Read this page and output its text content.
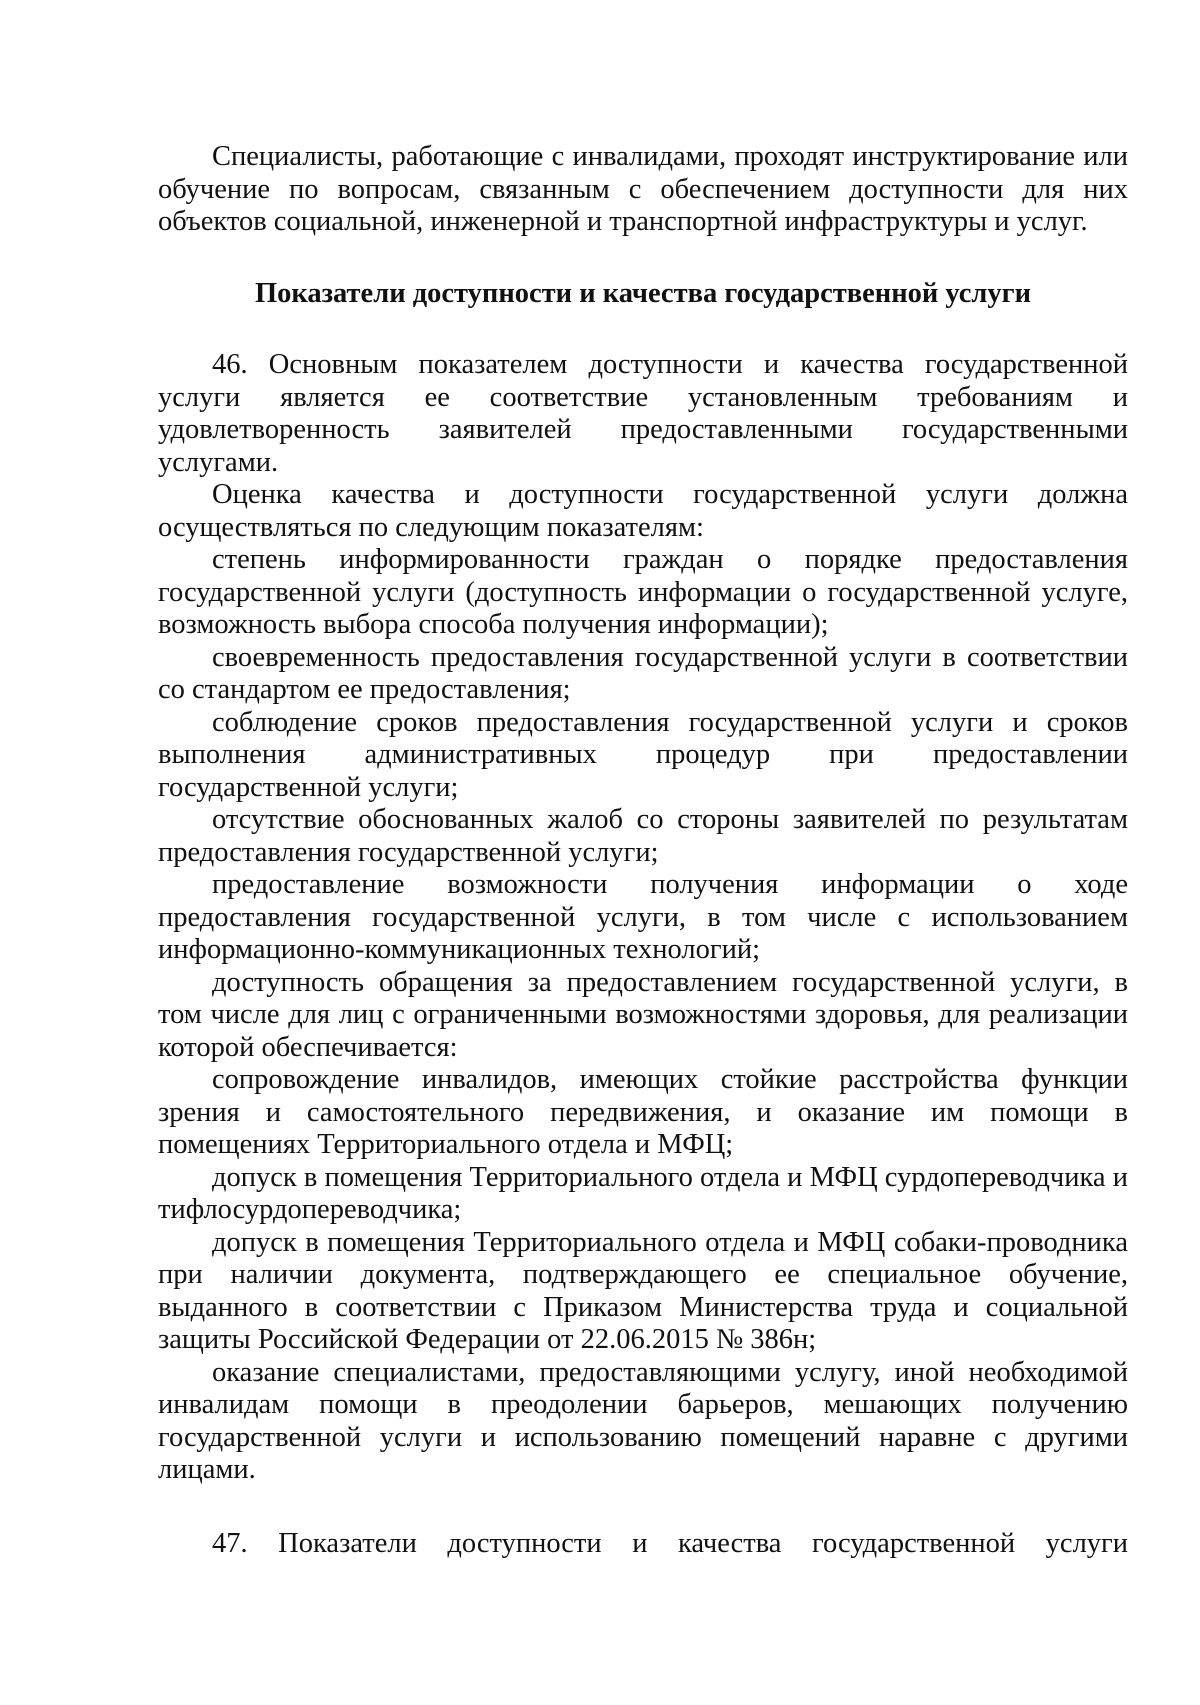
Специалисты, работающие с инвалидами, проходят инструктирование или обучение по вопросам, связанным с обеспечением доступности для них объектов социальной, инженерной и транспортной инфраструктуры и услуг.

Показатели доступности и качества государственной услуги

46. Основным показателем доступности и качества государственной услуги является ее соответствие установленным требованиям и удовлетворенность заявителей предоставленными государственными услугами.

Оценка качества и доступности государственной услуги должна осуществляться по следующим показателям:

степень информированности граждан о порядке предоставления государственной услуги (доступность информации о государственной услуге, возможность выбора способа получения информации);

своевременность предоставления государственной услуги в соответствии со стандартом ее предоставления;

соблюдение сроков предоставления государственной услуги и сроков выполнения административных процедур при предоставлении государственной услуги;

отсутствие обоснованных жалоб со стороны заявителей по результатам предоставления государственной услуги;

предоставление возможности получения информации о ходе предоставления государственной услуги, в том числе с использованием информационно-коммуникационных технологий;

доступность обращения за предоставлением государственной услуги, в том числе для лиц с ограниченными возможностями здоровья, для реализации которой обеспечивается:

сопровождение инвалидов, имеющих стойкие расстройства функции зрения и самостоятельного передвижения, и оказание им помощи в помещениях Территориального отдела и МФЦ;

допуск в помещения Территориального отдела и МФЦ сурдопереводчика и тифлосурдопереводчика;

допуск в помещения Территориального отдела и МФЦ собаки-проводника при наличии документа, подтверждающего ее специальное обучение, выданного в соответствии с Приказом Министерства труда и социальной защиты Российской Федерации от 22.06.2015 № 386н;

оказание специалистами, предоставляющими услугу, иной необходимой инвалидам помощи в преодолении барьеров, мешающих получению государственной услуги и использованию помещений наравне с другими лицами.

47. Показатели доступности и качества государственной услуги
